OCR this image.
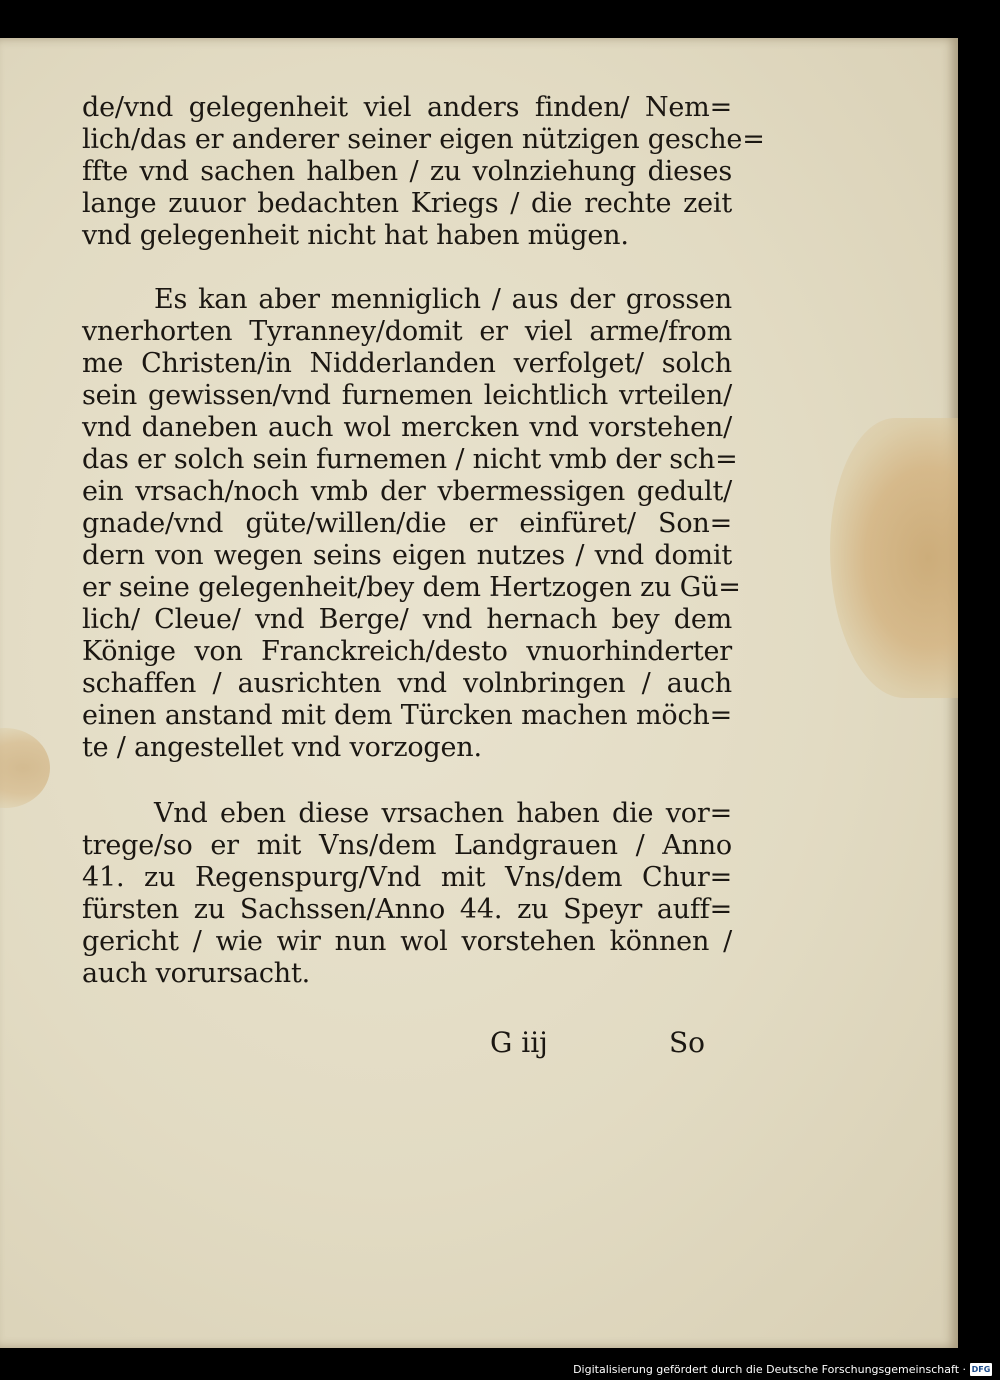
de/vnd gelegenheit viel anders finden/ Nem=
lich/das er anderer seiner eigen nützigen gesche=
ffte vnd sachen halben / zu volnziehung dieses
lange zuuor bedachten Kriegs / die rechte zeit
vnd gelegenheit nicht hat haben mügen.
Es kan aber menniglich / aus der grossen
vnerhorten Tyranney/domit er viel arme/from
me Christen/in Nidderlanden verfolget/ solch
sein gewissen/vnd furnemen leichtlich vrteilen/
vnd daneben auch wol mercken vnd vorstehen/
das er solch sein furnemen / nicht vmb der sch=
ein vrsach/noch vmb der vbermessigen gedult/
gnade/vnd güte/willen/die er einfüret/ Son=
dern von wegen seins eigen nutzes / vnd domit
er seine gelegenheit/bey dem Hertzogen zu Gü=
lich/ Cleue/ vnd Berge/ vnd hernach bey dem
Könige von Franckreich/desto vnuorhinderter
schaffen / ausrichten vnd volnbringen / auch
einen anstand mit dem Türcken machen möch=
te / angestellet vnd vorzogen.
Vnd eben diese vrsachen haben die vor=
trege/so er mit Vns/dem Landgrauen / Anno
41. zu Regenspurg/Vnd mit Vns/dem Chur=
fürsten zu Sachssen/Anno 44. zu Speyr auff=
gericht / wie wir nun wol vorstehen können /
auch vorursacht.
G iij	So
Digitalisierung gefördert durch die Deutsche Forschungsgemeinschaft · DFG
